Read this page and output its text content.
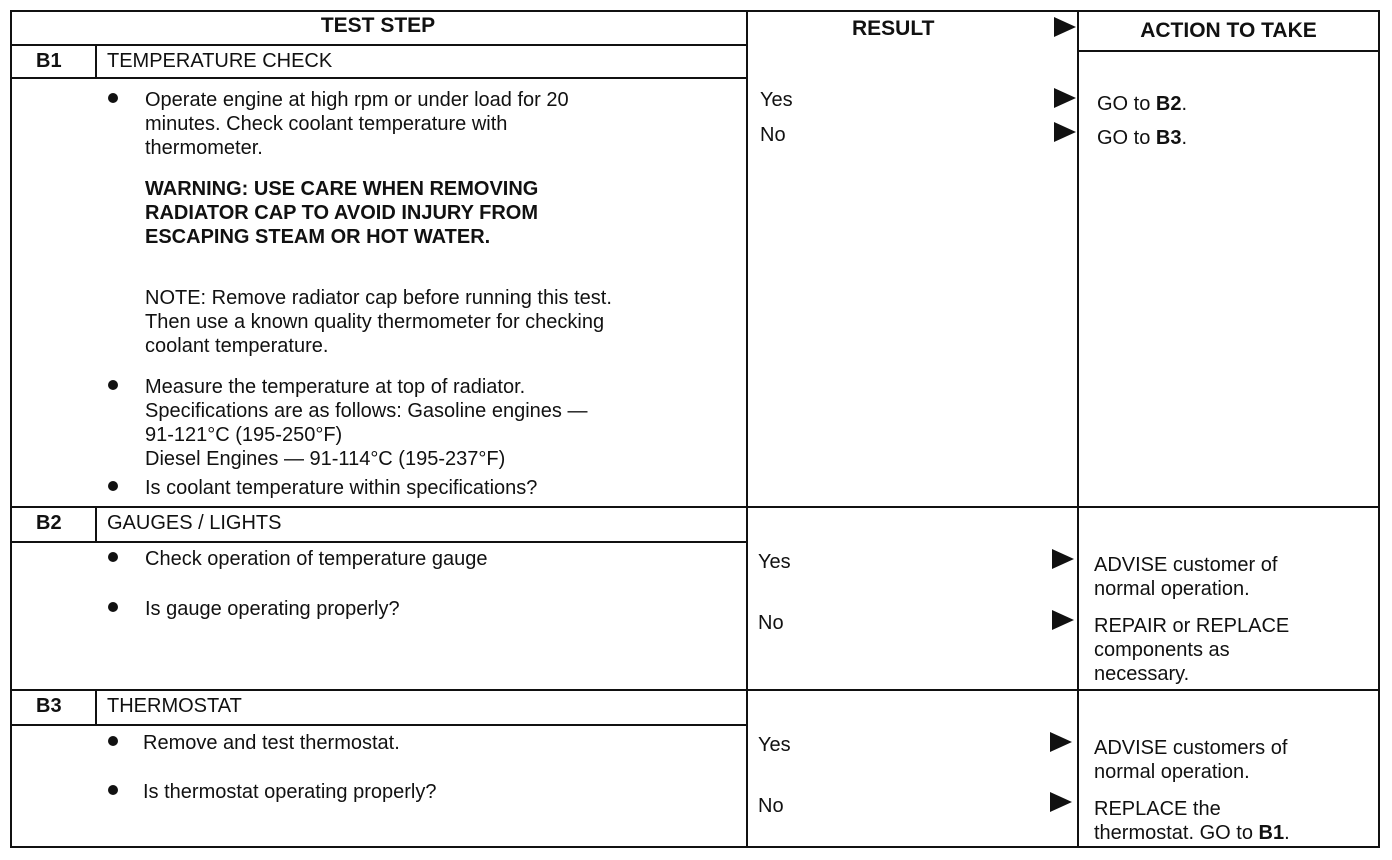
TEST STEP	RESULT	ACTION TO TAKE
B1 TEMPERATURE CHECK
Operate engine at high rpm or under load for 20
minutes. Check coolant temperature with
thermometer.
WARNING: USE CARE WHEN REMOVING
RADIATOR CAP TO AVOID INJURY FROM
ESCAPING STEAM OR HOT WATER.
NOTE: Remove radiator cap before running this test.
Then use a known quality thermometer for checking
coolant temperature.
Measure the temperature at top of radiator.
Specifications are as follows: Gasoline engines —
91-121°C (195-250°F)
Diesel Engines — 91-114°C (195-237°F)
Is coolant temperature within specifications?
Yes
No
GO to B2.
GO to B3.
B2 GAUGES / LIGHTS
Check operation of temperature gauge
Is gauge operating properly?
Yes
No
ADVISE customer of
normal operation.
REPAIR or REPLACE
components as
necessary.
B3 THERMOSTAT
Remove and test thermostat.
Is thermostat operating properly?
Yes
No
ADVISE customers of
normal operation.
REPLACE the
thermostat. GO to B1.
